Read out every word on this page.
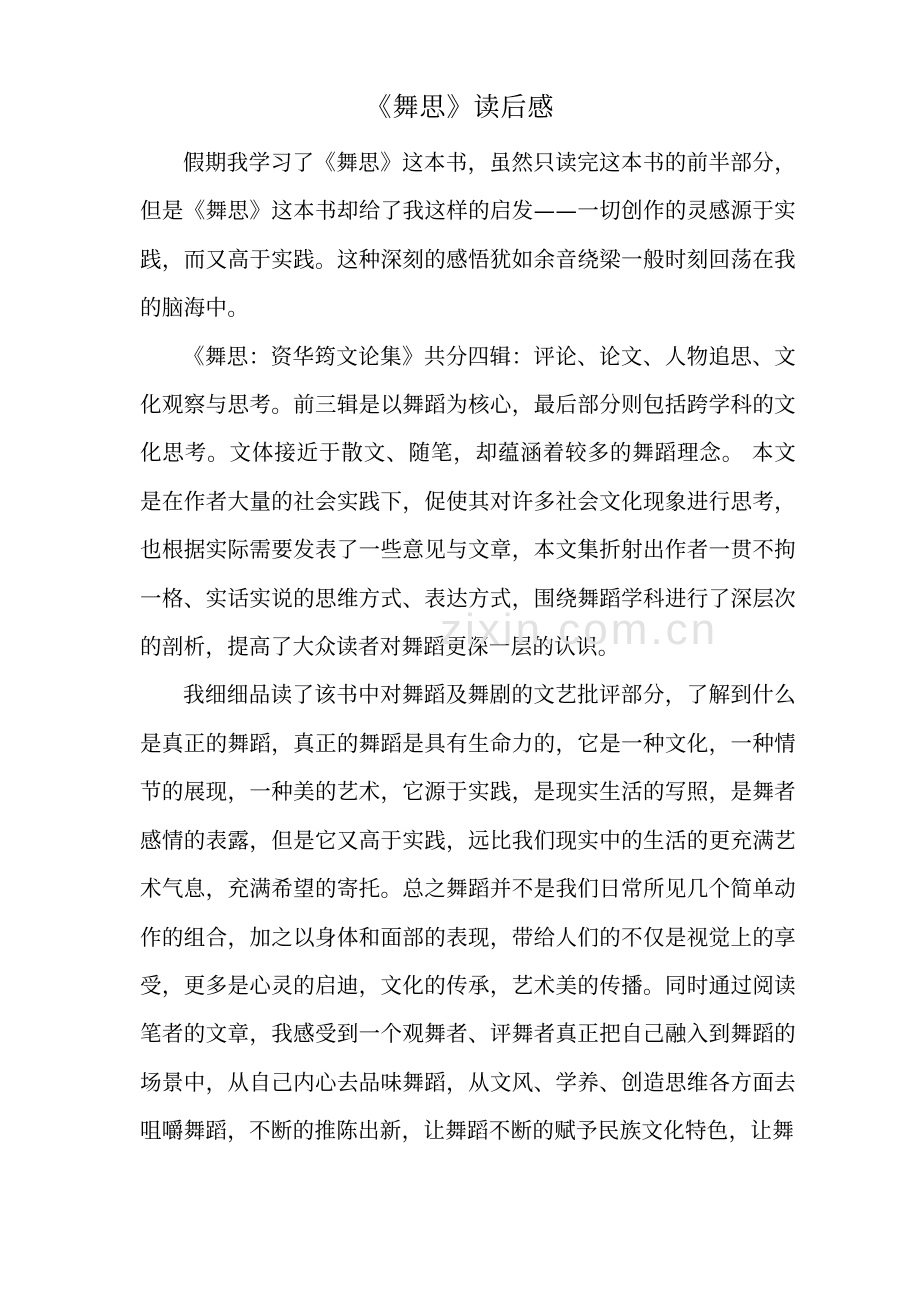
《舞思》读后感

假期我学习了《舞思》这本书，虽然只读完这本书的前半部分，但是《舞思》这本书却给了我这样的启发——一切创作的灵感源于实践，而又高于实践。这种深刻的感悟犹如余音绕梁一般时刻回荡在我的脑海中。

《舞思：资华筠文论集》共分四辑：评论、论文、人物追思、文化观察与思考。前三辑是以舞蹈为核心，最后部分则包括跨学科的文化思考。文体接近于散文、随笔，却蕴涵着较多的舞蹈理念。 本文是在作者大量的社会实践下，促使其对许多社会文化现象进行思考，也根据实际需要发表了一些意见与文章，本文集折射出作者一贯不拘一格、实话实说的思维方式、表达方式，围绕舞蹈学科进行了深层次的剖析，提高了大众读者对舞蹈更深一层的认识。

我细细品读了该书中对舞蹈及舞剧的文艺批评部分，了解到什么是真正的舞蹈，真正的舞蹈是具有生命力的，它是一种文化，一种情节的展现，一种美的艺术，它源于实践，是现实生活的写照，是舞者感情的表露，但是它又高于实践，远比我们现实中的生活的更充满艺术气息，充满希望的寄托。总之舞蹈并不是我们日常所见几个简单动作的组合，加之以身体和面部的表现，带给人们的不仅是视觉上的享受，更多是心灵的启迪，文化的传承，艺术美的传播。同时通过阅读笔者的文章，我感受到一个观舞者、评舞者真正把自己融入到舞蹈的场景中，从自己内心去品味舞蹈，从文风、学养、创造思维各方面去咀嚼舞蹈，不断的推陈出新，让舞蹈不断的赋予民族文化特色，让舞

zixin.com.cn
